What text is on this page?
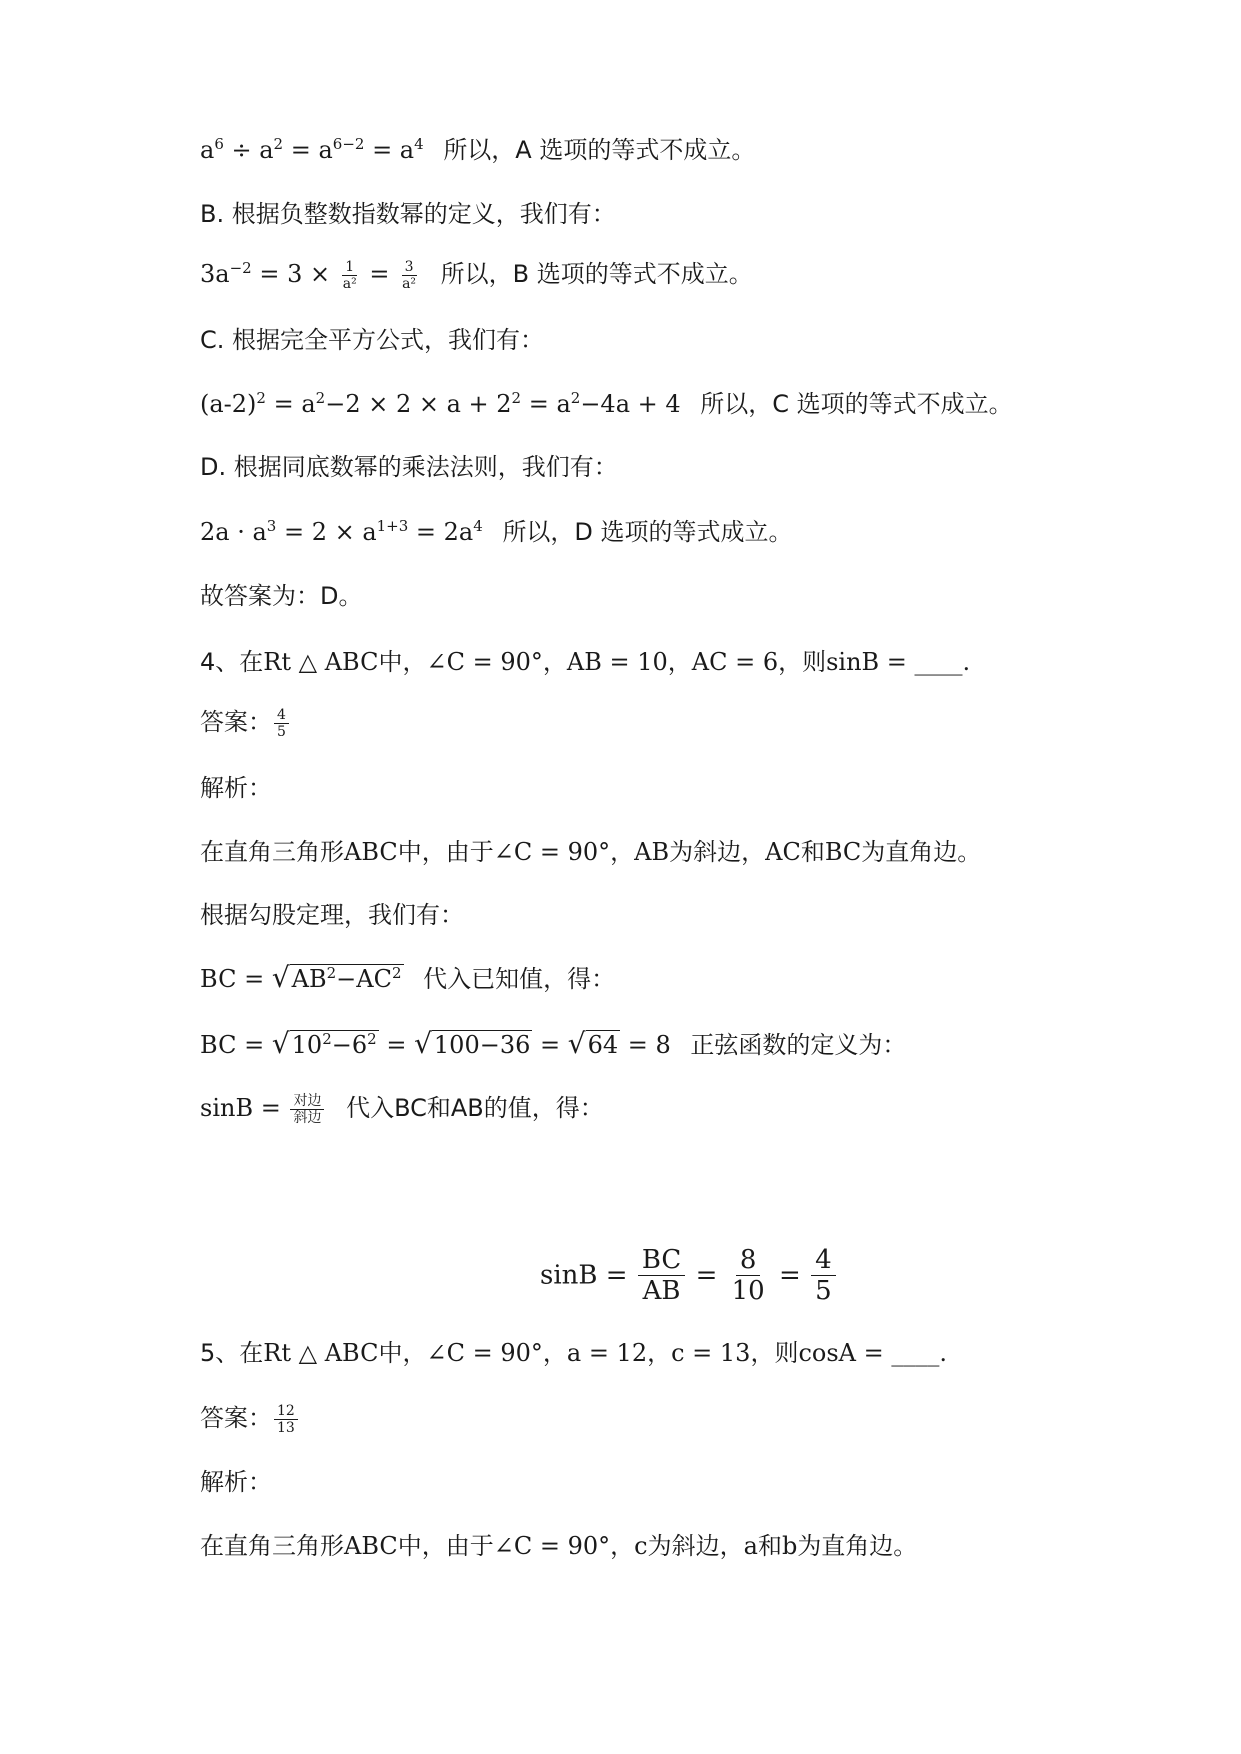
$a^6 \div a^2 = a^{6-2} = a^4$ 所以，A 选项的等式不成立。
B. 根据负整数指数幂的定义，我们有：
$3a^{-2} = 3 \times \frac{1}{\text{a²}} = \frac{3}{\text{a²}}$ 所以，B 选项的等式不成立。
C. 根据完全平方公式，我们有：
$(a-2)^2 = a^2-2 \times 2 \times a + 2^2 = a^2-4a + 4$ 所以，C 选项的等式不成立。
D. 根据同底数幂的乘法法则，我们有：
$2a \cdot a^3 = 2 \times a^{1+3} = 2a^4$ 所以，D 选项的等式成立。
故答案为：D。
4、在Rt △ ABC中，∠C = 90°，AB = 10，AC = 6，则sinB = ____.
答案： $\frac{4}{5}$
解析：
在直角三角形ABC中，由于∠C = 90°，AB为斜边，AC和BC为直角边。
根据勾股定理，我们有：
BC = $√AB^2-AC^2$ 代入已知值，得：
BC = $√10^2-6^2 = √100-36 = √64 = 8$ 正弦函数的定义为：
$\sin B = \frac{\text{对边}}{\text{斜边}}$ 代入BC和AB的值，得：
$\sin B = \frac{BC}{AB} = \frac{8}{10} = \frac{4}{5}$
5、在Rt △ ABC中，∠C = 90°，a = 12，c = 13，则cosA = ____.
答案： $\frac{12}{13}$
解析：
在直角三角形ABC中，由于∠C = 90°，c为斜边，a和b为直角边。
